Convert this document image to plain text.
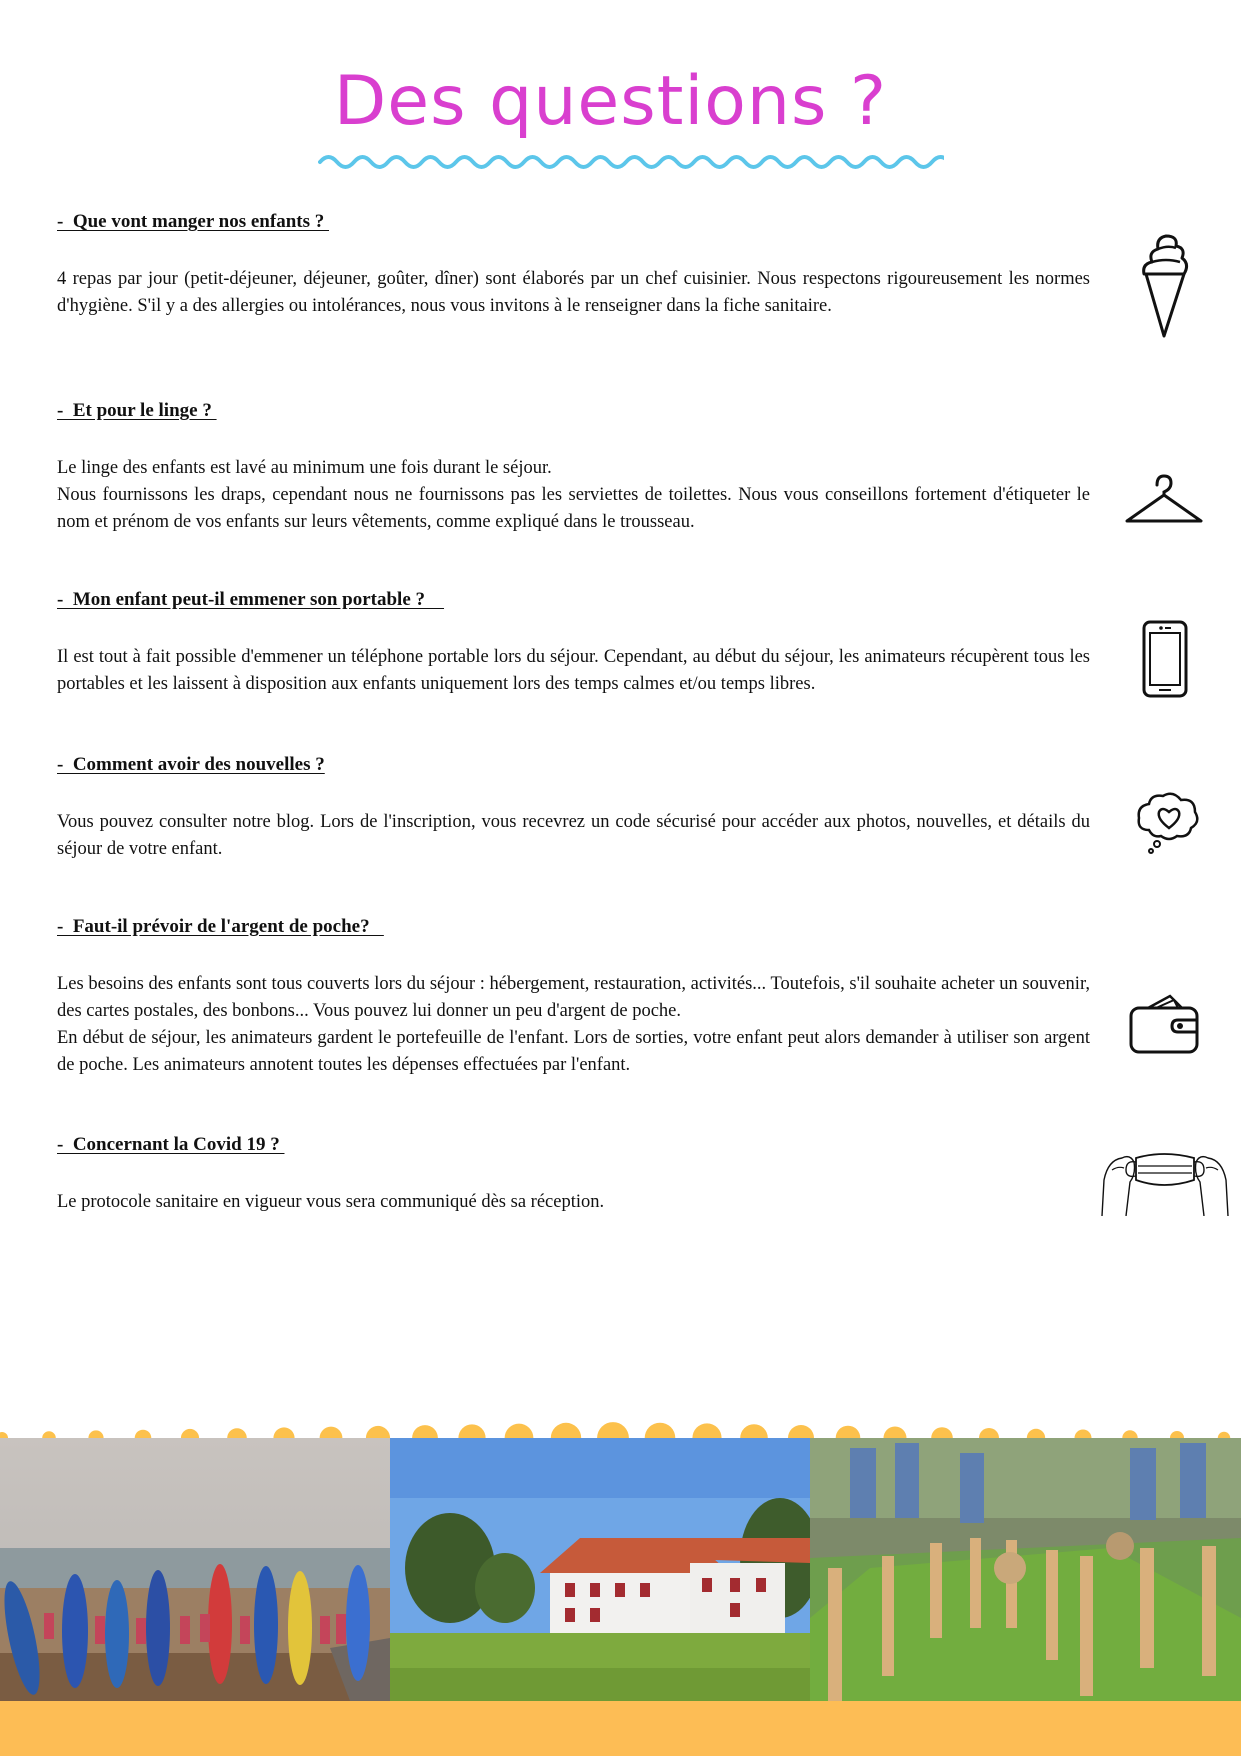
Des questions ?
-  Que vont manger nos enfants ?

4 repas par jour (petit-déjeuner, déjeuner, goûter, dîner) sont élaborés par un chef cuisinier. Nous respectons rigoureusement les normes d'hygiène. S'il y a des allergies ou intolérances, nous vous invitons à le renseigner dans la fiche sanitaire.

-  Et pour le linge ?

Le linge des enfants est lavé au minimum une fois durant le séjour.

Nous fournissons les draps, cependant nous ne fournissons pas les serviettes de toilettes. Nous vous conseillons fortement d'étiqueter le nom et prénom de vos enfants sur leurs vêtements, comme expliqué dans le trousseau.

-  Mon enfant peut-il emmener son portable ?

Il est tout à fait possible d'emmener un téléphone portable lors du séjour. Cependant, au début du séjour, les animateurs récupèrent tous les portables et les laissent à disposition aux enfants uniquement lors des temps calmes et/ou temps libres.

-  Comment avoir des nouvelles ?

Vous pouvez consulter notre blog. Lors de l'inscription, vous recevrez un code sécurisé pour accéder aux photos, nouvelles, et détails du séjour de votre enfant.

-  Faut-il prévoir de l'argent de poche?

Les besoins des enfants sont tous couverts lors du séjour : hébergement, restauration, activités... Toutefois, s'il souhaite acheter un souvenir, des cartes postales, des bonbons... Vous pouvez lui donner un peu d'argent de poche.

En début de séjour, les animateurs gardent le portefeuille de l'enfant. Lors de sorties, votre enfant peut alors demander à utiliser son argent de poche. Les animateurs annotent toutes les dépenses effectuées par l'enfant.

-  Concernant la Covid 19 ?

Le protocole sanitaire en vigueur vous sera communiqué dès sa réception.
